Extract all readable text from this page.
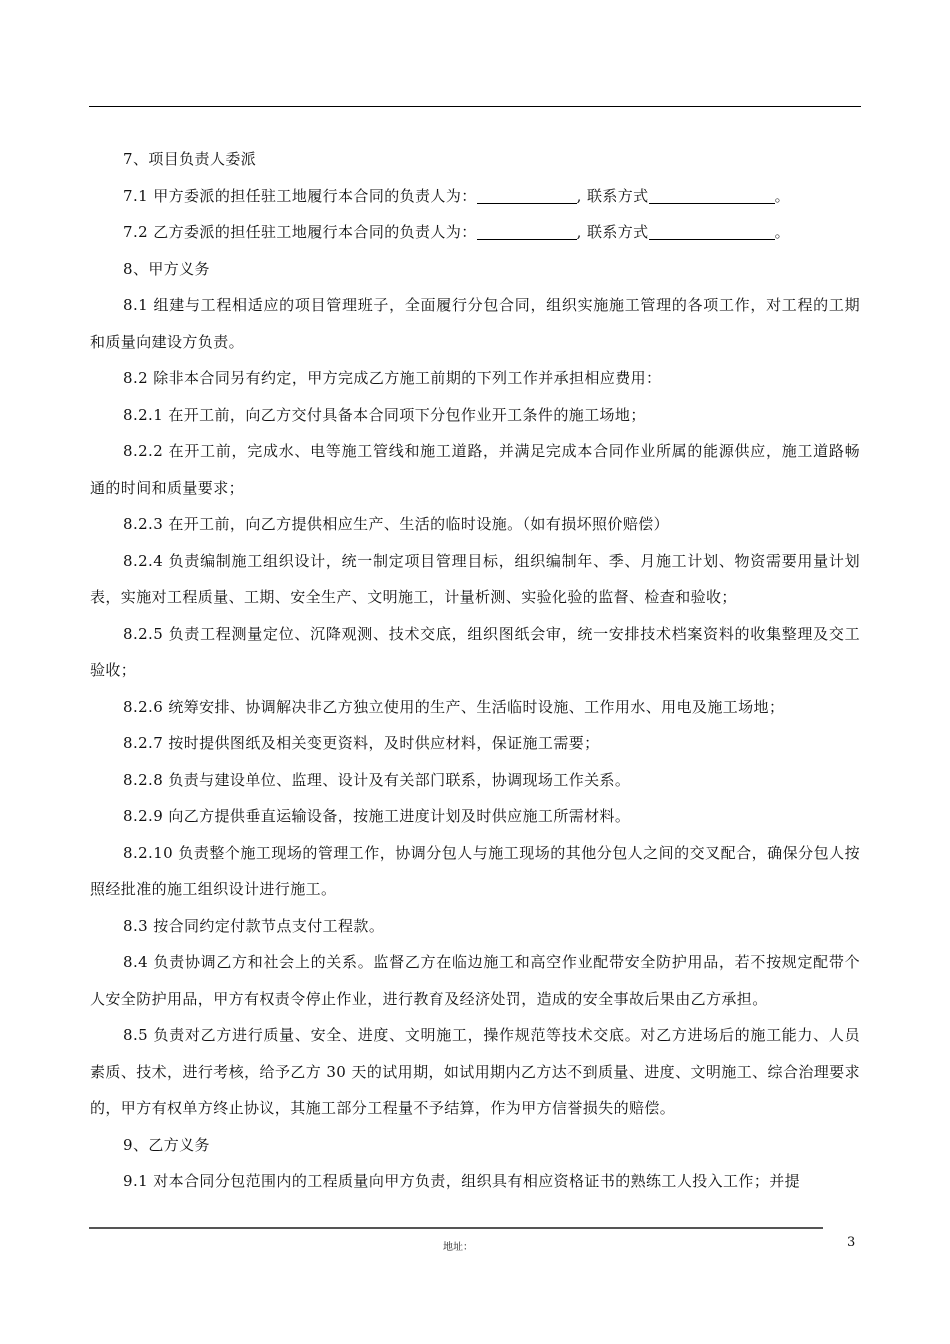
7、项目负责人委派

7.1 甲方委派的担任驻工地履行本合同的负责人为：	, 联系方式	。

7.2 乙方委派的担任驻工地履行本合同的负责人为：	, 联系方式	。

8、甲方义务

8.1 组建与工程相适应的项目管理班子，全面履行分包合同，组织实施施工管理的各项工作，对工程的工期和质量向建设方负责。

8.2 除非本合同另有约定，甲方完成乙方施工前期的下列工作并承担相应费用：

8.2.1 在开工前，向乙方交付具备本合同项下分包作业开工条件的施工场地；

8.2.2 在开工前，完成水、电等施工管线和施工道路，并满足完成本合同作业所属的能源供应，施工道路畅通的时间和质量要求；

8.2.3 在开工前，向乙方提供相应生产、生活的临时设施。（如有损坏照价赔偿）

8.2.4 负责编制施工组织设计，统一制定项目管理目标，组织编制年、季、月施工计划、物资需要用量计划表，实施对工程质量、工期、安全生产、文明施工，计量析测、实验化验的监督、检查和验收；

8.2.5 负责工程测量定位、沉降观测、技术交底，组织图纸会审，统一安排技术档案资料的收集整理及交工验收；

8.2.6 统筹安排、协调解决非乙方独立使用的生产、生活临时设施、工作用水、用电及施工场地；

8.2.7 按时提供图纸及相关变更资料，及时供应材料，保证施工需要；

8.2.8 负责与建设单位、监理、设计及有关部门联系，协调现场工作关系。

8.2.9 向乙方提供垂直运输设备，按施工进度计划及时供应施工所需材料。

8.2.10 负责整个施工现场的管理工作，协调分包人与施工现场的其他分包人之间的交叉配合，确保分包人按照经批准的施工组织设计进行施工。

8.3 按合同约定付款节点支付工程款。

8.4 负责协调乙方和社会上的关系。监督乙方在临边施工和高空作业配带安全防护用品，若不按规定配带个人安全防护用品，甲方有权责令停止作业，进行教育及经济处罚，造成的安全事故后果由乙方承担。

8.5 负责对乙方进行质量、安全、进度、文明施工，操作规范等技术交底。对乙方进场后的施工能力、人员素质、技术，进行考核，给予乙方 30 天的试用期，如试用期内乙方达不到质量、进度、文明施工、综合治理要求的，甲方有权单方终止协议，其施工部分工程量不予结算，作为甲方信誉损失的赔偿。

9、乙方义务

9.1 对本合同分包范围内的工程质量向甲方负责，组织具有相应资格证书的熟练工人投入工作；并提

地址：	3
